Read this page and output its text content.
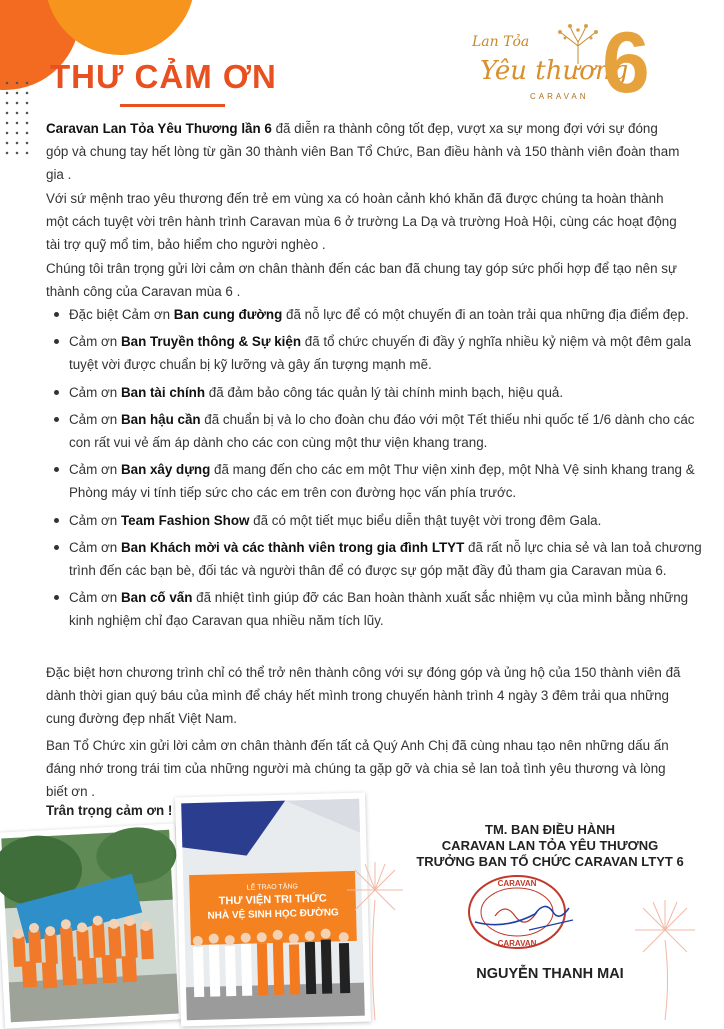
THƯ CẢM ƠN
Lan Tỏa
Yêu thương
CARAVAN 6

Caravan Lan Tỏa Yêu Thương lần 6 đã diễn ra thành công tốt đẹp, vượt xa sự mong đợi với sự đóng góp và chung tay hết lòng từ gần 30 thành viên Ban Tổ Chức, Ban điều hành và 150 thành viên đoàn tham gia .

Với sứ mệnh trao yêu thương đến trẻ em vùng xa có hoàn cảnh khó khăn đã được chúng ta hoàn thành một cách tuyệt vời trên hành trình Caravan mùa 6 ở trường La Dạ và trường Hoà Hội, cùng các hoạt động tài trợ quỹ mổ tim, bảo hiểm cho người nghèo .

Chúng tôi trân trọng gửi lời cảm ơn chân thành đến các ban đã chung tay góp sức phối hợp để tạo nên sự thành công của Caravan mùa 6 .

Đặc biệt Cảm ơn Ban cung đường đã nỗ lực để có một chuyến đi an toàn trải qua những địa điểm đẹp.
Cảm ơn Ban Truyền thông & Sự kiện đã tổ chức chuyến đi đầy ý nghĩa nhiều kỷ niệm và một đêm gala tuyệt vời được chuẩn bị kỹ lưỡng và gây ấn tượng mạnh mẽ.
Cảm ơn Ban tài chính đã đảm bảo công tác quản lý tài chính minh bạch, hiệu quả.
Cảm ơn Ban hậu cần đã chuẩn bị và lo cho đoàn chu đáo với một Tết thiếu nhi quốc tế 1/6 dành cho các con rất vui vẻ ấm áp dành cho các con cùng một thư viện khang trang.
Cảm ơn Ban xây dựng đã mang đến cho các em một Thư viện xinh đẹp, một Nhà Vệ sinh khang trang & Phòng máy vi tính tiếp sức cho các em trên con đường học vấn phía trước.
Cảm ơn Team Fashion Show đã có một tiết mục biểu diễn thật tuyệt vời trong đêm Gala.
Cảm ơn Ban Khách mời và các thành viên trong gia đình LTYT đã rất nỗ lực chia sẻ và lan toả chương trình đến các bạn bè, đối tác và người thân để có được sự góp mặt đầy đủ tham gia Caravan mùa 6.
Cảm ơn Ban cố vấn đã nhiệt tình giúp đỡ các Ban hoàn thành xuất sắc nhiệm vụ của mình bằng những kinh nghiệm chỉ đạo Caravan qua nhiều năm tích lũy.

Đặc biệt hơn chương trình chỉ có thể trở nên thành công với sự đóng góp và ủng hộ của 150 thành viên đã dành thời gian quý báu của mình để cháy hết mình trong chuyến hành trình 4 ngày 3 đêm trải qua những cung đường đẹp nhất Việt Nam.

Ban Tổ Chức xin gửi lời cảm ơn chân thành đến tất cả Quý Anh Chị đã cùng nhau tạo nên những dấu ấn đáng nhớ trong trái tim của những người mà chúng ta gặp gỡ và chia sẻ lan toả tình yêu thương và lòng biết ơn .

Trân trọng cảm ơn !

LỄ TRAO TẶNG
THƯ VIỆN TRI THỨC
NHÀ VỆ SINH HỌC ĐƯỜNG
TM. BAN ĐIỀU HÀNH
CARAVAN LAN TỎA YÊU THƯƠNG
TRƯỞNG BAN TỔ CHỨC CARAVAN LTYT 6
CARAVAN
CARAVAN
NGUYỄN THANH MAI
